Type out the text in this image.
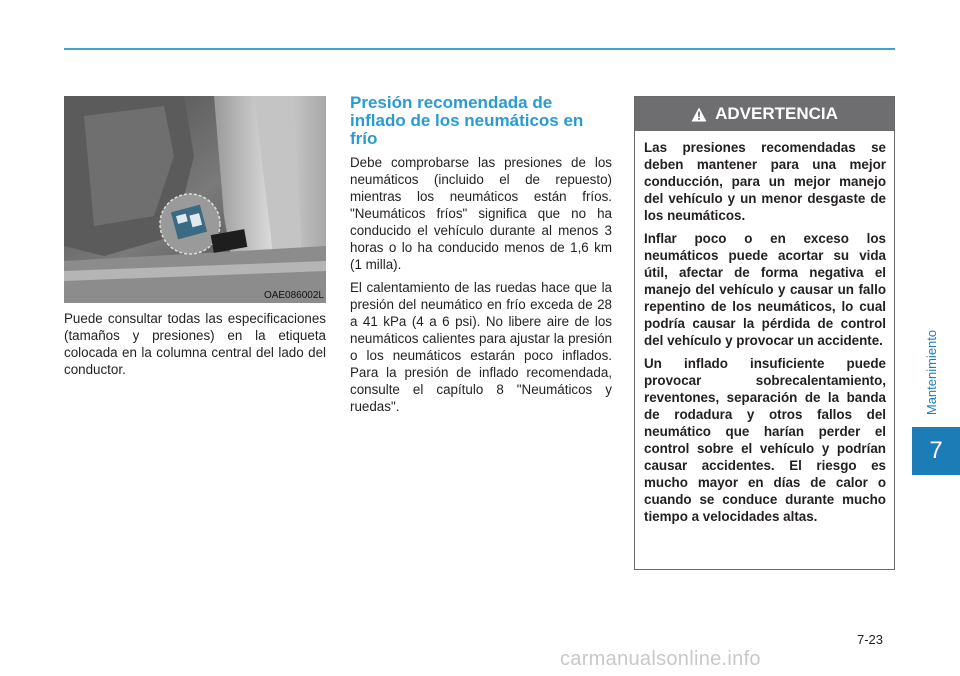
Mantenimiento
7
OAE086002L
Puede consultar todas las especificaciones (tamaños y presiones) en la etiqueta colocada en la columna central del lado del conductor.
Presión recomendada de inflado de los neumáticos en frío

Debe comprobarse las presiones de los neumáticos (incluido el de repuesto) mientras los neumáticos están fríos. "Neumáticos fríos" significa que no ha conducido el vehículo durante al menos 3 horas o lo ha conducido menos de 1,6 km (1 milla).

El calentamiento de las ruedas hace que la presión del neumático en frío exceda de 28 a 41 kPa (4 a 6 psi). No libere aire de los neumáticos calientes para ajustar la presión o los neumáticos estarán poco inflados. Para la presión de inflado recomendada, consulte el capítulo 8 "Neumáticos y ruedas".

ADVERTENCIA

Las presiones recomendadas se deben mantener para una mejor conducción, para un mejor manejo del vehículo y un menor desgaste de los neumáticos.

Inflar poco o en exceso los neumáticos puede acortar su vida útil, afectar de forma negativa el manejo del vehículo y causar un fallo repentino de los neumáticos, lo cual podría causar la pérdida de control del vehículo y provocar un accidente.

Un inflado insuficiente puede provocar sobrecalentamiento, reventones, separación de la banda de rodadura y otros fallos del neumático que harían perder el control sobre el vehículo y podrían causar accidentes. El riesgo es mucho mayor en días de calor o cuando se conduce durante mucho tiempo a velocidades altas.

7-23
carmanualsonline.info
